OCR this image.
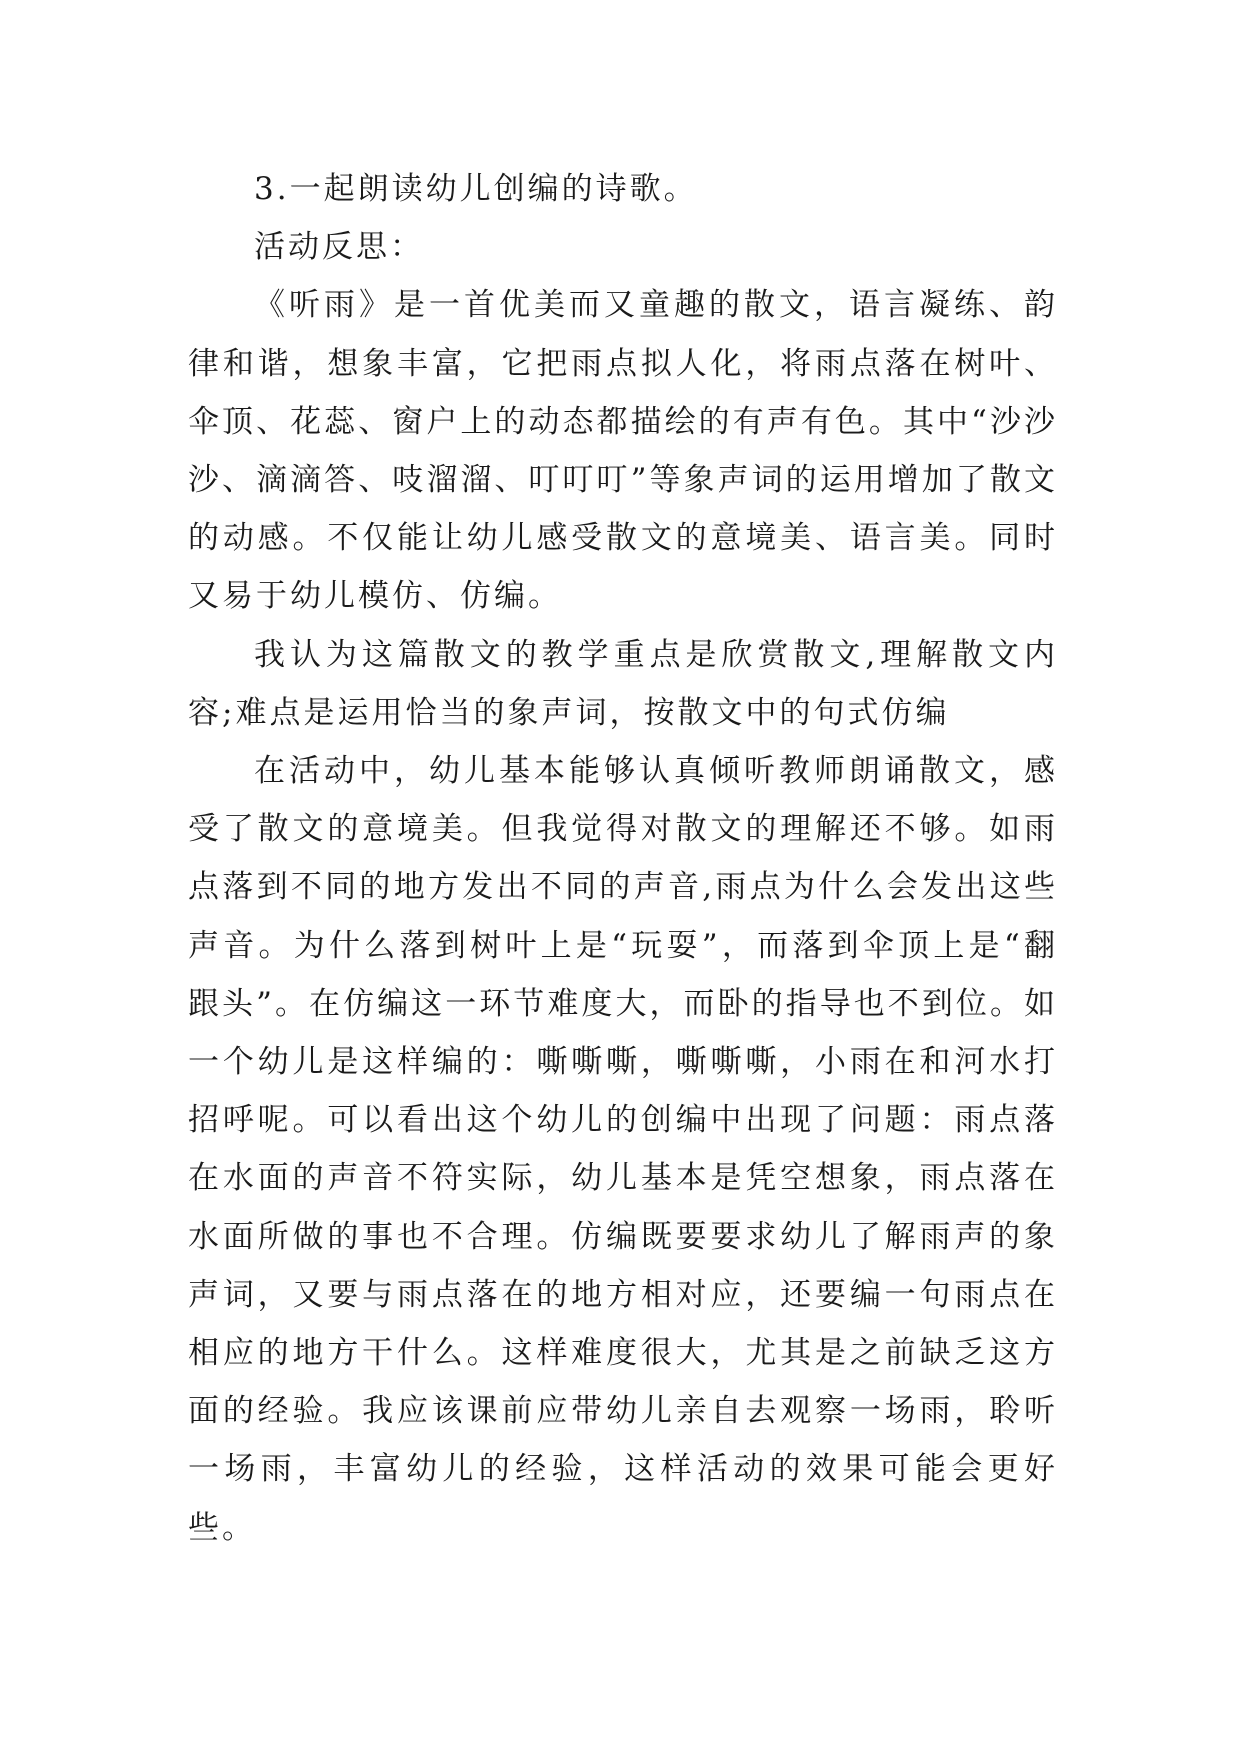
3.一起朗读幼儿创编的诗歌。

活动反思：

《听雨》是一首优美而又童趣的散文，语言凝练、韵律和谐，想象丰富，它把雨点拟人化，将雨点落在树叶、伞顶、花蕊、窗户上的动态都描绘的有声有色。其中“沙沙沙、滴滴答、吱溜溜、叮叮叮”等象声词的运用增加了散文的动感。不仅能让幼儿感受散文的意境美、语言美。同时又易于幼儿模仿、仿编。

我认为这篇散文的教学重点是欣赏散文,理解散文内容;难点是运用恰当的象声词，按散文中的句式仿编

在活动中，幼儿基本能够认真倾听教师朗诵散文，感受了散文的意境美。但我觉得对散文的理解还不够。如雨点落到不同的地方发出不同的声音,雨点为什么会发出这些声音。为什么落到树叶上是“玩耍”，而落到伞顶上是“翻跟头”。在仿编这一环节难度大，而卧的指导也不到位。如一个幼儿是这样编的：嘶嘶嘶，嘶嘶嘶，小雨在和河水打招呼呢。可以看出这个幼儿的创编中出现了问题：雨点落在水面的声音不符实际，幼儿基本是凭空想象，雨点落在水面所做的事也不合理。仿编既要要求幼儿了解雨声的象声词，又要与雨点落在的地方相对应，还要编一句雨点在相应的地方干什么。这样难度很大，尤其是之前缺乏这方面的经验。我应该课前应带幼儿亲自去观察一场雨，聆听一场雨，丰富幼儿的经验，这样活动的效果可能会更好些。
